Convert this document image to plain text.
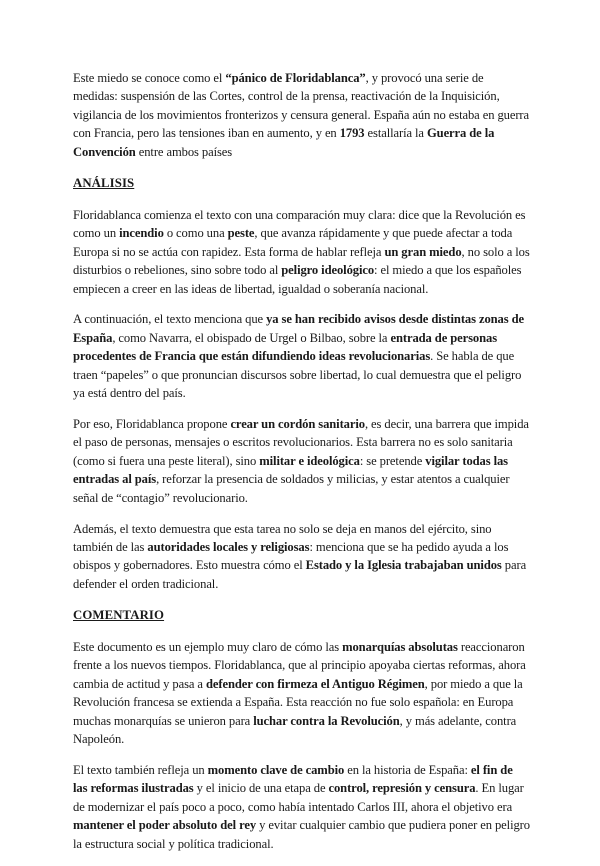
Este miedo se conoce como el “pánico de Floridablanca”, y provocó una serie de medidas: suspensión de las Cortes, control de la prensa, reactivación de la Inquisición, vigilancia de los movimientos fronterizos y censura general. España aún no estaba en guerra con Francia, pero las tensiones iban en aumento, y en 1793 estallaría la Guerra de la Convención entre ambos países

ANÁLISIS

Floridablanca comienza el texto con una comparación muy clara: dice que la Revolución es como un incendio o como una peste, que avanza rápidamente y que puede afectar a toda Europa si no se actúa con rapidez. Esta forma de hablar refleja un gran miedo, no solo a los disturbios o rebeliones, sino sobre todo al peligro ideológico: el miedo a que los españoles empiecen a creer en las ideas de libertad, igualdad o soberanía nacional.

A continuación, el texto menciona que ya se han recibido avisos desde distintas zonas de España, como Navarra, el obispado de Urgel o Bilbao, sobre la entrada de personas procedentes de Francia que están difundiendo ideas revolucionarias. Se habla de que traen “papeles” o que pronuncian discursos sobre libertad, lo cual demuestra que el peligro ya está dentro del país.

Por eso, Floridablanca propone crear un cordón sanitario, es decir, una barrera que impida el paso de personas, mensajes o escritos revolucionarios. Esta barrera no es solo sanitaria (como si fuera una peste literal), sino militar e ideológica: se pretende vigilar todas las entradas al país, reforzar la presencia de soldados y milicias, y estar atentos a cualquier señal de “contagio” revolucionario.

Además, el texto demuestra que esta tarea no solo se deja en manos del ejército, sino también de las autoridades locales y religiosas: menciona que se ha pedido ayuda a los obispos y gobernadores. Esto muestra cómo el Estado y la Iglesia trabajaban unidos para defender el orden tradicional.

COMENTARIO

Este documento es un ejemplo muy claro de cómo las monarquías absolutas reaccionaron frente a los nuevos tiempos. Floridablanca, que al principio apoyaba ciertas reformas, ahora cambia de actitud y pasa a defender con firmeza el Antiguo Régimen, por miedo a que la Revolución francesa se extienda a España. Esta reacción no fue solo española: en Europa muchas monarquías se unieron para luchar contra la Revolución, y más adelante, contra Napoleón.

El texto también refleja un momento clave de cambio en la historia de España: el fin de las reformas ilustradas y el inicio de una etapa de control, represión y censura. En lugar de modernizar el país poco a poco, como había intentado Carlos III, ahora el objetivo era mantener el poder absoluto del rey y evitar cualquier cambio que pudiera poner en peligro la estructura social y política tradicional.
